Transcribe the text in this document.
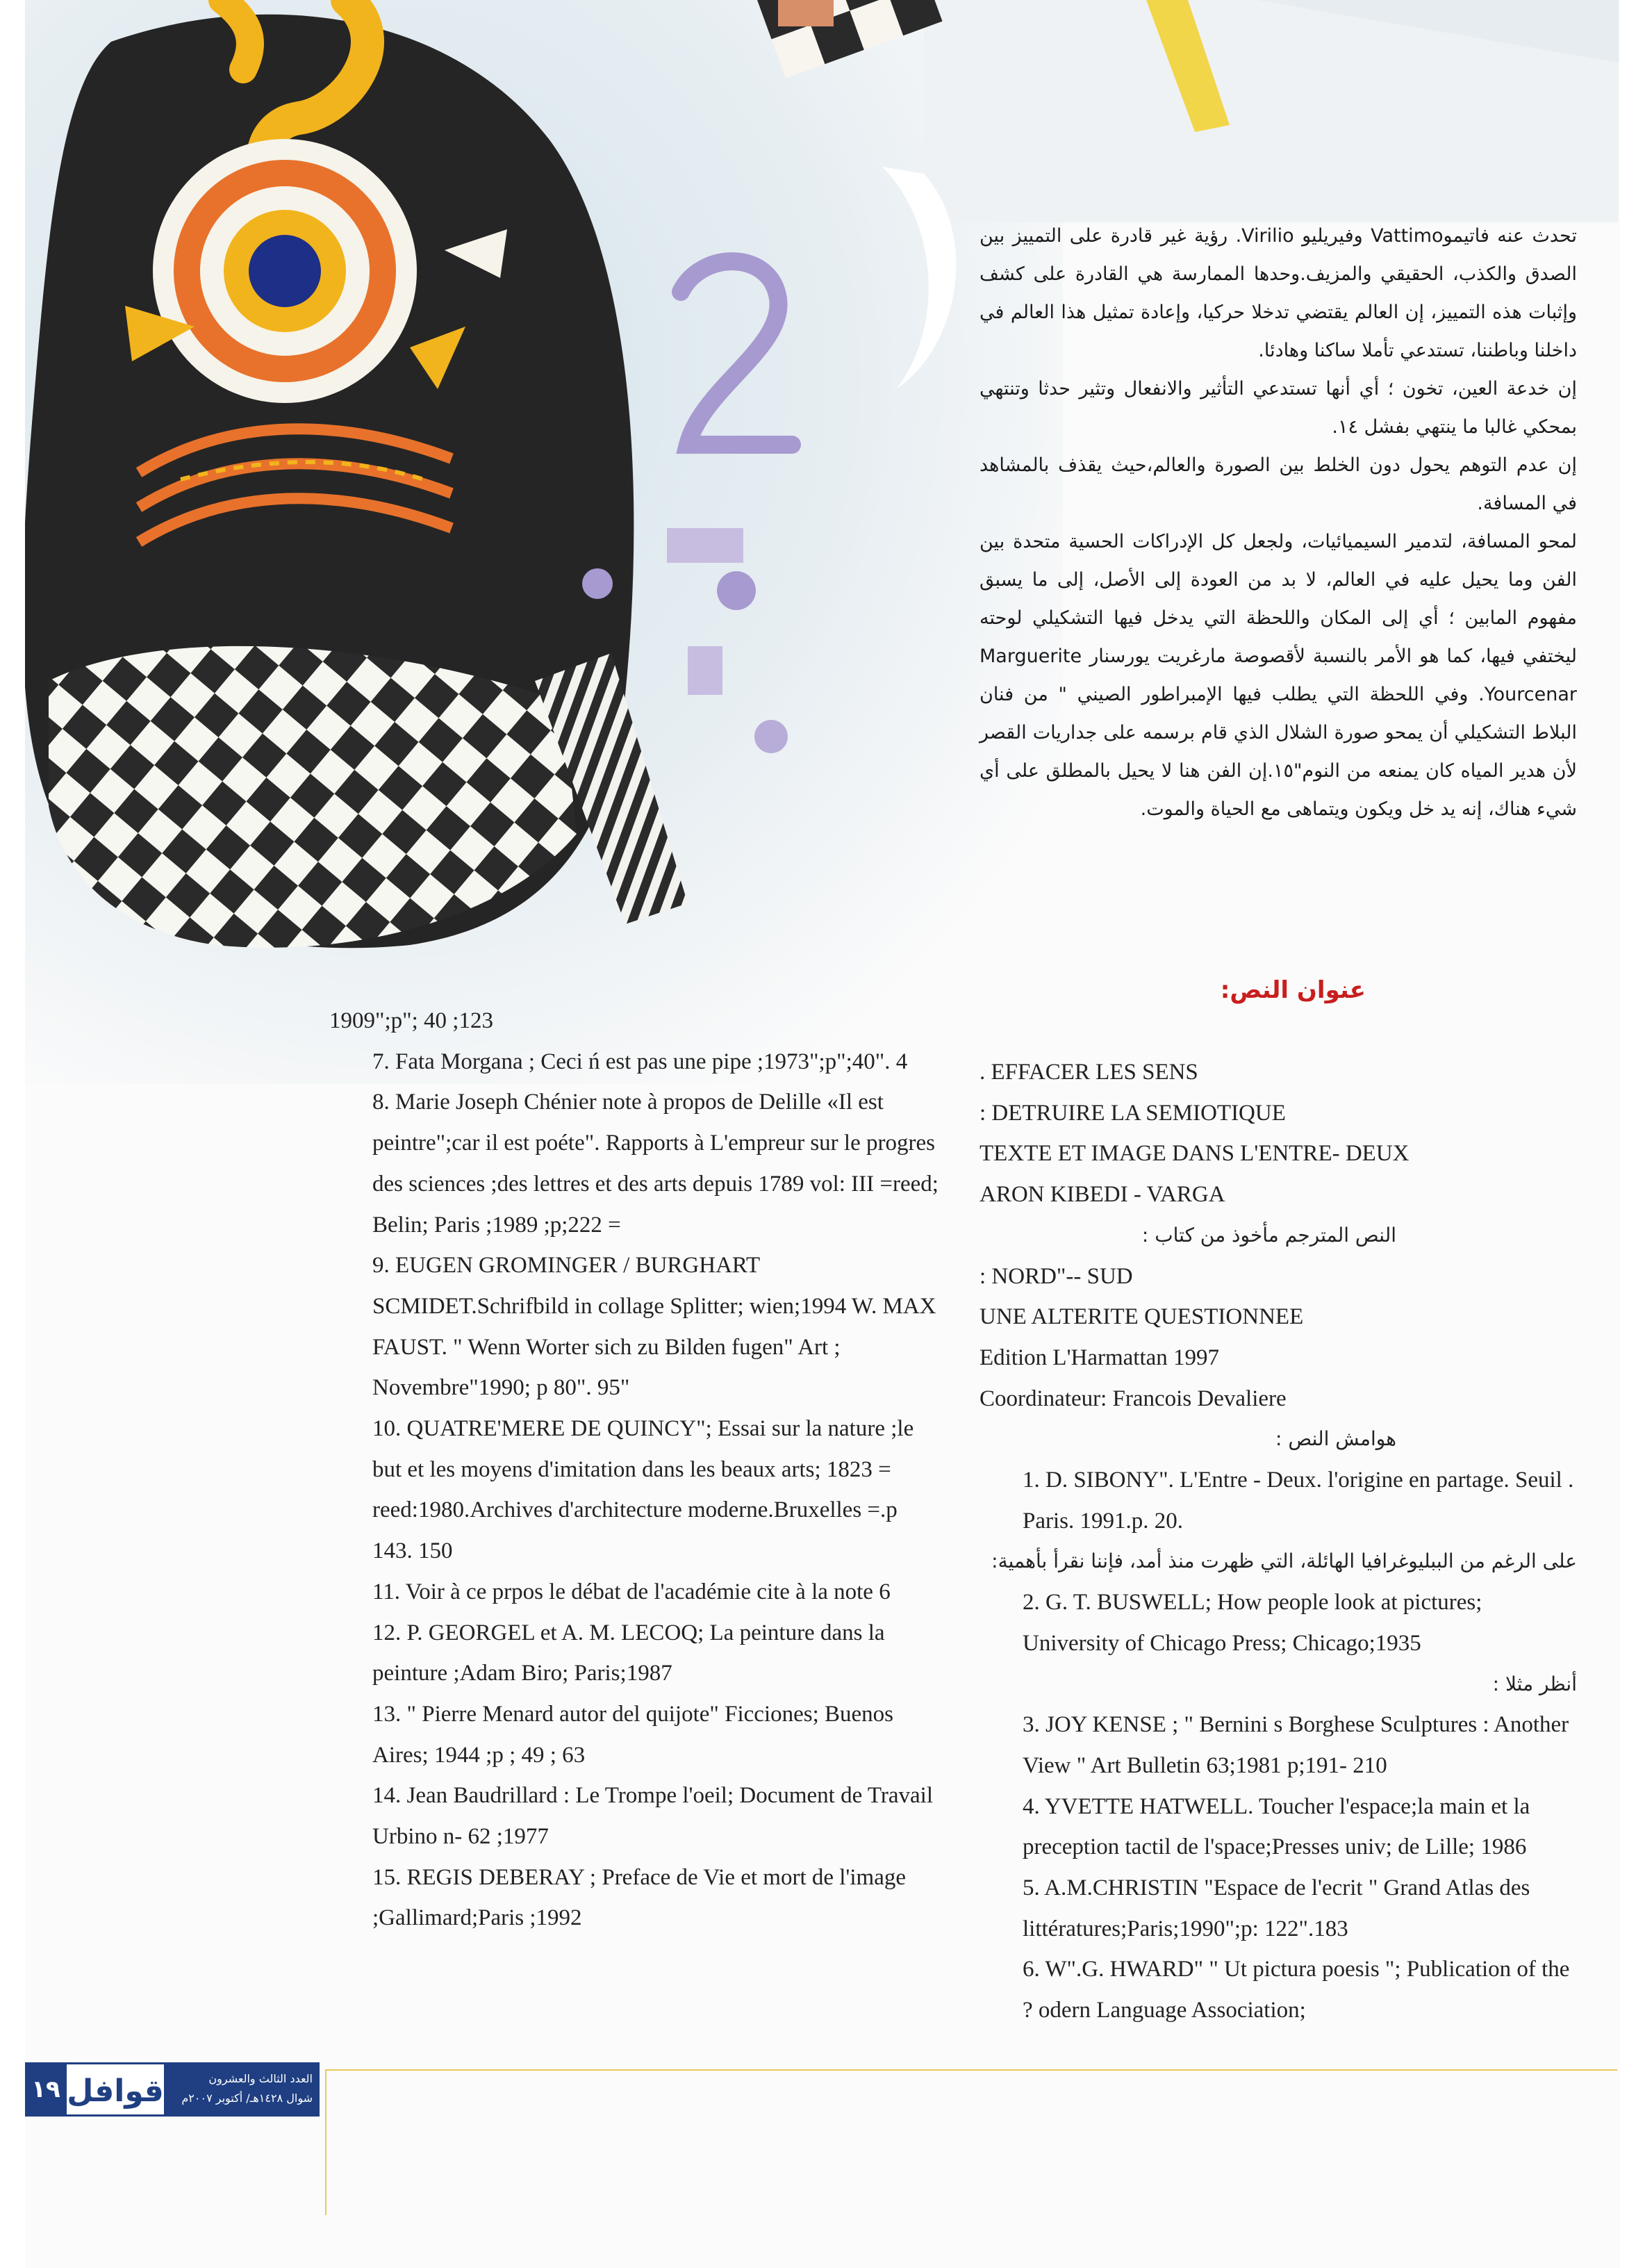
تحدث عنه فاتيموVattimo وفيريليو Virilio. رؤية غير قادرة على التمييز بين الصدق والكذب، الحقيقي والمزيف.وحدها الممارسة هي القادرة على كشف وإثبات هذه التمييز، إن العالم يقتضي تدخلا حركيا، وإعادة تمثيل هذا العالم في داخلنا وباطننا، تستدعي تأملا ساكنا وهادئا.

إن خدعة العين، تخون ؛ أي أنها تستدعي التأثير والانفعال وتثير حدثا وتنتهي بمحكي غالبا ما ينتهي بفشل ١٤.

إن عدم التوهم يحول دون الخلط بين الصورة والعالم،حيث يقذف بالمشاهد في المسافة.

لمحو المسافة، لتدمير السيميائيات، ولجعل كل الإدراكات الحسية متحدة بين الفن وما يحيل عليه في العالم، لا بد من العودة إلى الأصل، إلى ما يسبق مفهوم المابين ؛ أي إلى المكان واللحظة التي يدخل فيها التشكيلي لوحته ليختفي فيها، كما هو الأمر بالنسبة لأقصوصة مارغريت يورسنار Marguerite Yourcenar. وفي اللحظة التي يطلب فيها الإمبراطور الصيني " من فنان البلاط التشكيلي أن يمحو صورة الشلال الذي قام برسمه على جداريات القصر لأن هدير المياه كان يمنعه من النوم"١٥.إن الفن هنا لا يحيل بالمطلق على أي شيء هناك، إنه يد خل ويكون ويتماهى مع الحياة والموت.

عنوان النص:

1909";p"; 40 ;123

7. Fata Morgana ; Ceci ń est pas une pipe ;1973";p";40". 4

8. Marie Joseph Chénier note à propos de Delille «Il est peintre";car il est poéte". Rapports à L'empreur sur le progres des sciences ;des lettres et des arts depuis 1789 vol: III =reed; Belin; Paris ;1989 ;p;222 =

9. EUGEN GROMINGER / BURGHART SCMIDET.Schrifbild in collage Splitter; wien;1994 W. MAX FAUST. " Wenn Worter sich zu Bilden fugen" Art ; Novembre"1990; p 80". 95"

10. QUATRE'MERE DE QUINCY"; Essai sur la nature ;le but et les moyens d'imitation dans les beaux arts; 1823 = reed:1980.Archives d'architecture moderne.Bruxelles =.p 143. 150

11. Voir à ce prpos le débat de l'académie cite à la note 6

12. P. GEORGEL et A. M. LECOQ; La peinture dans la peinture ;Adam Biro; Paris;1987

13. " Pierre Menard autor del quijote" Ficciones; Buenos Aires; 1944 ;p ; 49 ; 63

14. Jean Baudrillard : Le Trompe l'oeil; Document de Travail Urbino n- 62 ;1977

15. REGIS DEBERAY ; Preface de Vie et mort de l'image ;Gallimard;Paris ;1992

. EFFACER LES SENS

: DETRUIRE LA SEMIOTIQUE

TEXTE ET IMAGE DANS L'ENTRE- DEUX

ARON KIBEDI - VARGA

النص المترجم مأخوذ من كتاب :

: NORD"-- SUD

UNE ALTERITE QUESTIONNEE

Edition L'Harmattan 1997

Coordinateur: Francois Devaliere

هوامش النص :

1. D. SIBONY". L'Entre - Deux. l'origine en partage. Seuil . Paris. 1991.p. 20.

على الرغم من الببليوغرافيا الهائلة، التي ظهرت منذ أمد، فإننا نقرأ بأهمية:

2. G. T. BUSWELL; How people look at pictures; University of Chicago Press; Chicago;1935

أنظر مثلا :

3. JOY KENSE ; " Bernini s Borghese Sculptures : Another View " Art Bulletin 63;1981 p;191- 210

4. YVETTE HATWELL. Toucher l'espace;la main et la preception tactil de l'space;Presses univ; de Lille; 1986

5. A.M.CHRISTIN "Espace de l'ecrit " Grand Atlas des littératures;Paris;1990";p: 122".183

6. W".G. HWARD" " Ut pictura poesis "; Publication of the ? odern Language Association;

١٩ قوافل	العدد الثالث والعشرون
شوال ١٤٢٨هـ/ أكتوبر ٢٠٠٧م
